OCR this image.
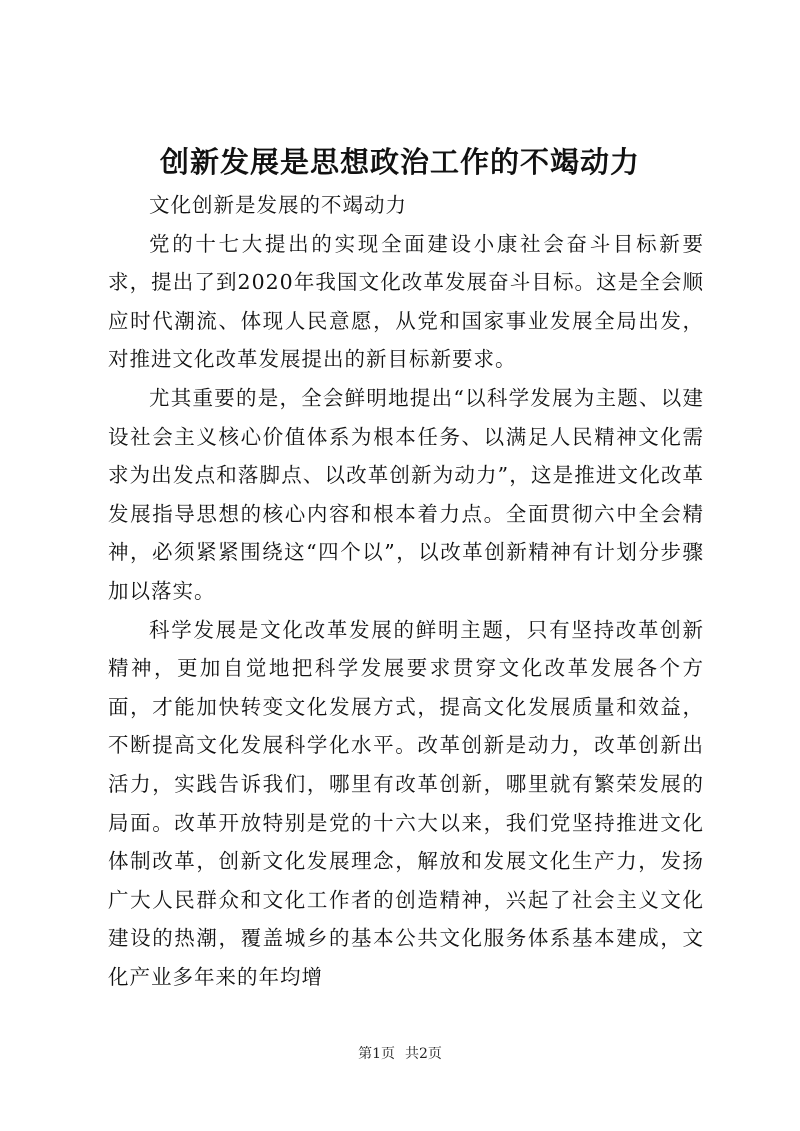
创新发展是思想政治工作的不竭动力

文化创新是发展的不竭动力

党的十七大提出的实现全面建设小康社会奋斗目标新要求，提出了到2020年我国文化改革发展奋斗目标。这是全会顺应时代潮流、体现人民意愿，从党和国家事业发展全局出发，对推进文化改革发展提出的新目标新要求。

尤其重要的是，全会鲜明地提出“以科学发展为主题、以建设社会主义核心价值体系为根本任务、以满足人民精神文化需求为出发点和落脚点、以改革创新为动力”，这是推进文化改革发展指导思想的核心内容和根本着力点。全面贯彻六中全会精神，必须紧紧围绕这“四个以”，以改革创新精神有计划分步骤加以落实。

科学发展是文化改革发展的鲜明主题，只有坚持改革创新精神，更加自觉地把科学发展要求贯穿文化改革发展各个方面，才能加快转变文化发展方式，提高文化发展质量和效益，不断提高文化发展科学化水平。改革创新是动力，改革创新出活力，实践告诉我们，哪里有改革创新，哪里就有繁荣发展的局面。改革开放特别是党的十六大以来，我们党坚持推进文化体制改革，创新文化发展理念，解放和发展文化生产力，发扬广大人民群众和文化工作者的创造精神，兴起了社会主义文化建设的热潮，覆盖城乡的基本公共文化服务体系基本建成，文化产业多年来的年均增

第1页 共2页
